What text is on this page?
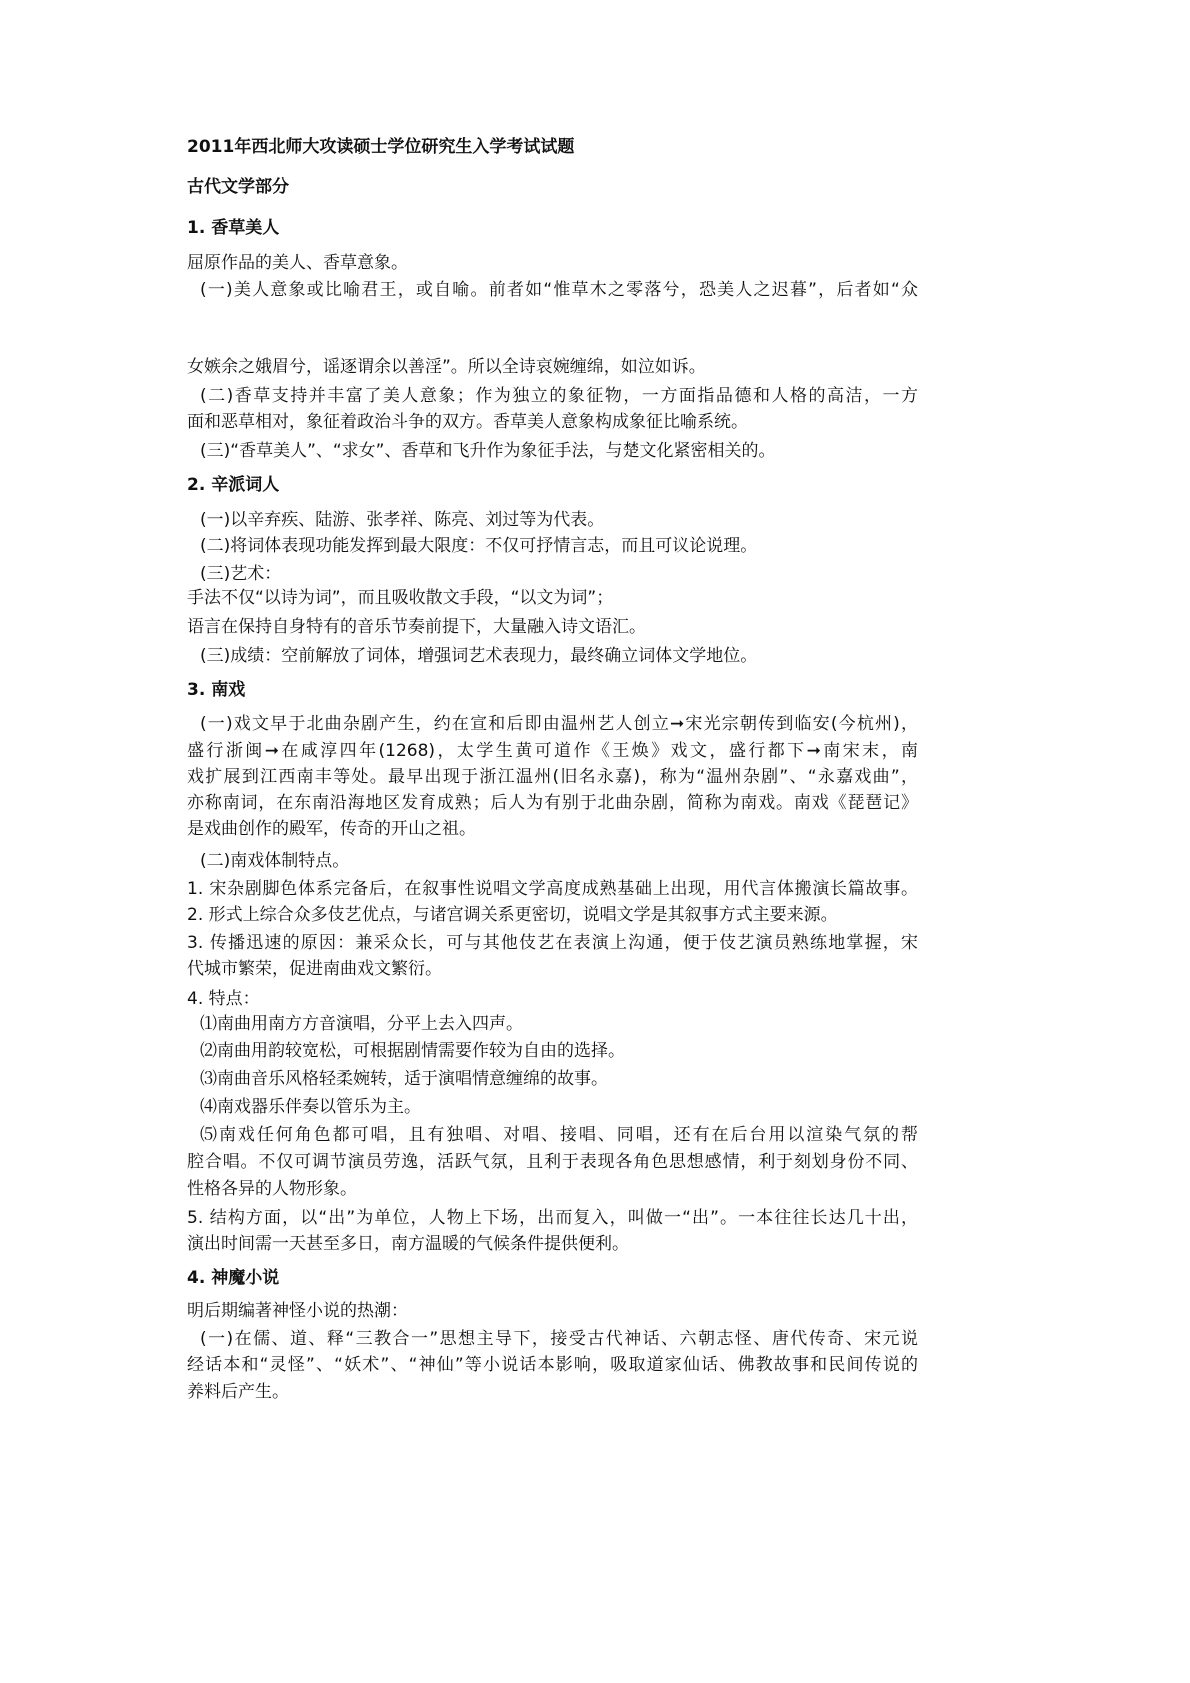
2011年西北师大攻读硕士学位研究生入学考试试题
古代文学部分
1. 香草美人
屈原作品的美人、香草意象。
(一)美人意象或比喻君王，或自喻。前者如“惟草木之零落兮，恐美人之迟暮”，后者如“众
女嫉余之娥眉兮，谣逐谓余以善淫”。所以全诗哀婉缠绵，如泣如诉。
(二)香草支持并丰富了美人意象；作为独立的象征物，一方面指品德和人格的高洁，一方
面和恶草相对，象征着政治斗争的双方。香草美人意象构成象征比喻系统。
(三)“香草美人”、“求女”、香草和飞升作为象征手法，与楚文化紧密相关的。
2. 辛派词人
(一)以辛弃疾、陆游、张孝祥、陈亮、刘过等为代表。
(二)将词体表现功能发挥到最大限度：不仅可抒情言志，而且可议论说理。
(三)艺术：
手法不仅“以诗为词”，而且吸收散文手段，“以文为词”；
语言在保持自身特有的音乐节奏前提下，大量融入诗文语汇。
(三)成绩：空前解放了词体，增强词艺术表现力，最终确立词体文学地位。
3. 南戏
(一)戏文早于北曲杂剧产生，约在宣和后即由温州艺人创立➞宋光宗朝传到临安(今杭州)，
盛行浙闽➞在咸淳四年(1268)，太学生黄可道作《王焕》戏文，盛行都下➞南宋末，南
戏扩展到江西南丰等处。最早出现于浙江温州(旧名永嘉)，称为“温州杂剧”、“永嘉戏曲”，
亦称南词，在东南沿海地区发育成熟；后人为有别于北曲杂剧，简称为南戏。南戏《琵琶记》
是戏曲创作的殿军，传奇的开山之祖。
(二)南戏体制特点。
1. 宋杂剧脚色体系完备后，在叙事性说唱文学高度成熟基础上出现，用代言体搬演长篇故事。
2. 形式上综合众多伎艺优点，与诸宫调关系更密切，说唱文学是其叙事方式主要来源。
3. 传播迅速的原因：兼采众长，可与其他伎艺在表演上沟通，便于伎艺演员熟练地掌握，宋
代城市繁荣，促进南曲戏文繁衍。
4. 特点：
⑴南曲用南方方音演唱，分平上去入四声。
⑵南曲用韵较宽松，可根据剧情需要作较为自由的选择。
⑶南曲音乐风格轻柔婉转，适于演唱情意缠绵的故事。
⑷南戏器乐伴奏以管乐为主。
⑸南戏任何角色都可唱，且有独唱、对唱、接唱、同唱，还有在后台用以渲染气氛的帮
腔合唱。不仅可调节演员劳逸，活跃气氛，且利于表现各角色思想感情，利于刻划身份不同、
性格各异的人物形象。
5. 结构方面，以“出”为单位，人物上下场，出而复入，叫做一“出”。一本往往长达几十出，
演出时间需一天甚至多日，南方温暖的气候条件提供便利。
4. 神魔小说
明后期编著神怪小说的热潮：
(一)在儒、道、释“三教合一”思想主导下，接受古代神话、六朝志怪、唐代传奇、宋元说
经话本和“灵怪”、“妖术”、“神仙”等小说话本影响，吸取道家仙话、佛教故事和民间传说的
养料后产生。
